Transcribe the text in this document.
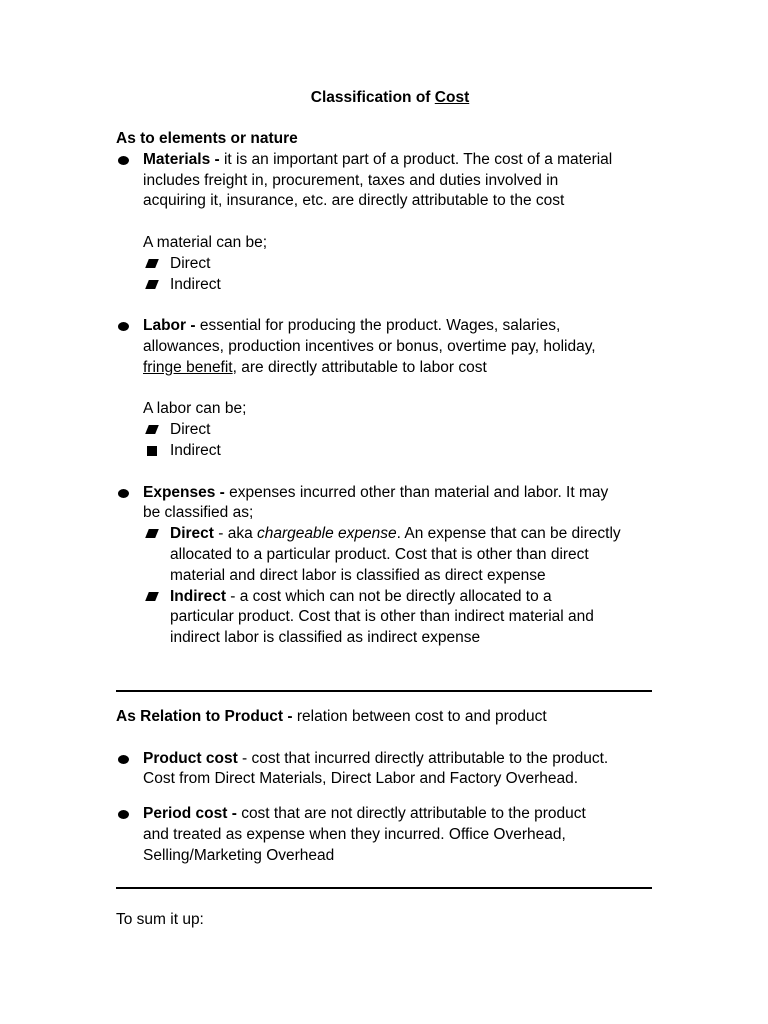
Classification of Cost
As to elements or nature
Materials - it is an important part of a product. The cost of a material
includes freight in, procurement, taxes and duties involved in
acquiring it, insurance, etc. are directly attributable to the cost
A material can be;
Direct
Indirect
Labor - essential for producing the product. Wages, salaries,
allowances, production incentives or bonus, overtime pay, holiday,
fringe benefit, are directly attributable to labor cost
A labor can be;
Direct
Indirect
Expenses - expenses incurred other than material and labor. It may
be classified as;
Direct - aka chargeable expense. An expense that can be directly
allocated to a particular product. Cost that is other than direct
material and direct labor is classified as direct expense
Indirect - a cost which can not be directly allocated to a
particular product. Cost that is other than indirect material and
indirect labor is classified as indirect expense
As Relation to Product - relation between cost to and product
Product cost - cost that incurred directly attributable to the product.
Cost from Direct Materials, Direct Labor and Factory Overhead.
Period cost - cost that are not directly attributable to the product
and treated as expense when they incurred. Office Overhead,
Selling/Marketing Overhead
To sum it up:
